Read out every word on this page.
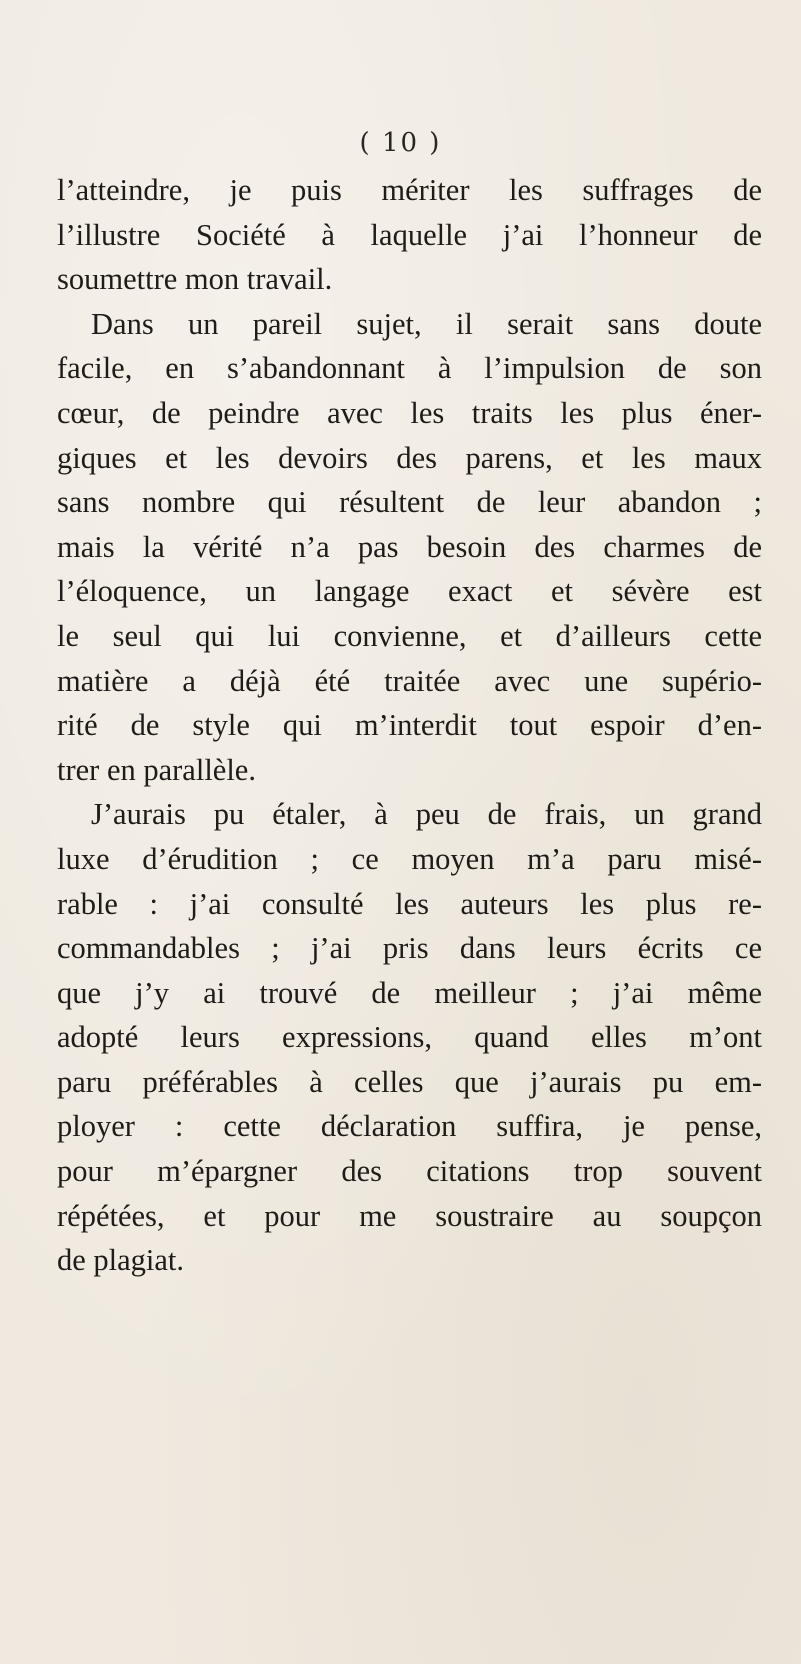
( 10 )
l’atteindre, je puis mériter les suffrages de
l’illustre Société à laquelle j’ai l’honneur de
soumettre mon travail.
Dans un pareil sujet, il serait sans doute
facile, en s’abandonnant à l’impulsion de son
cœur, de peindre avec les traits les plus éner-
giques et les devoirs des parens, et les maux
sans nombre qui résultent de leur abandon ;
mais la vérité n’a pas besoin des charmes de
l’éloquence, un langage exact et sévère est
le seul qui lui convienne, et d’ailleurs cette
matière a déjà été traitée avec une supério-
rité de style qui m’interdit tout espoir d’en-
trer en parallèle.
J’aurais pu étaler, à peu de frais, un grand
luxe d’érudition ; ce moyen m’a paru misé-
rable : j’ai consulté les auteurs les plus re-
commandables ; j’ai pris dans leurs écrits ce
que j’y ai trouvé de meilleur ; j’ai même
adopté leurs expressions, quand elles m’ont
paru préférables à celles que j’aurais pu em-
ployer : cette déclaration suffira, je pense,
pour m’épargner des citations trop souvent
répétées, et pour me soustraire au soupçon
de plagiat.
